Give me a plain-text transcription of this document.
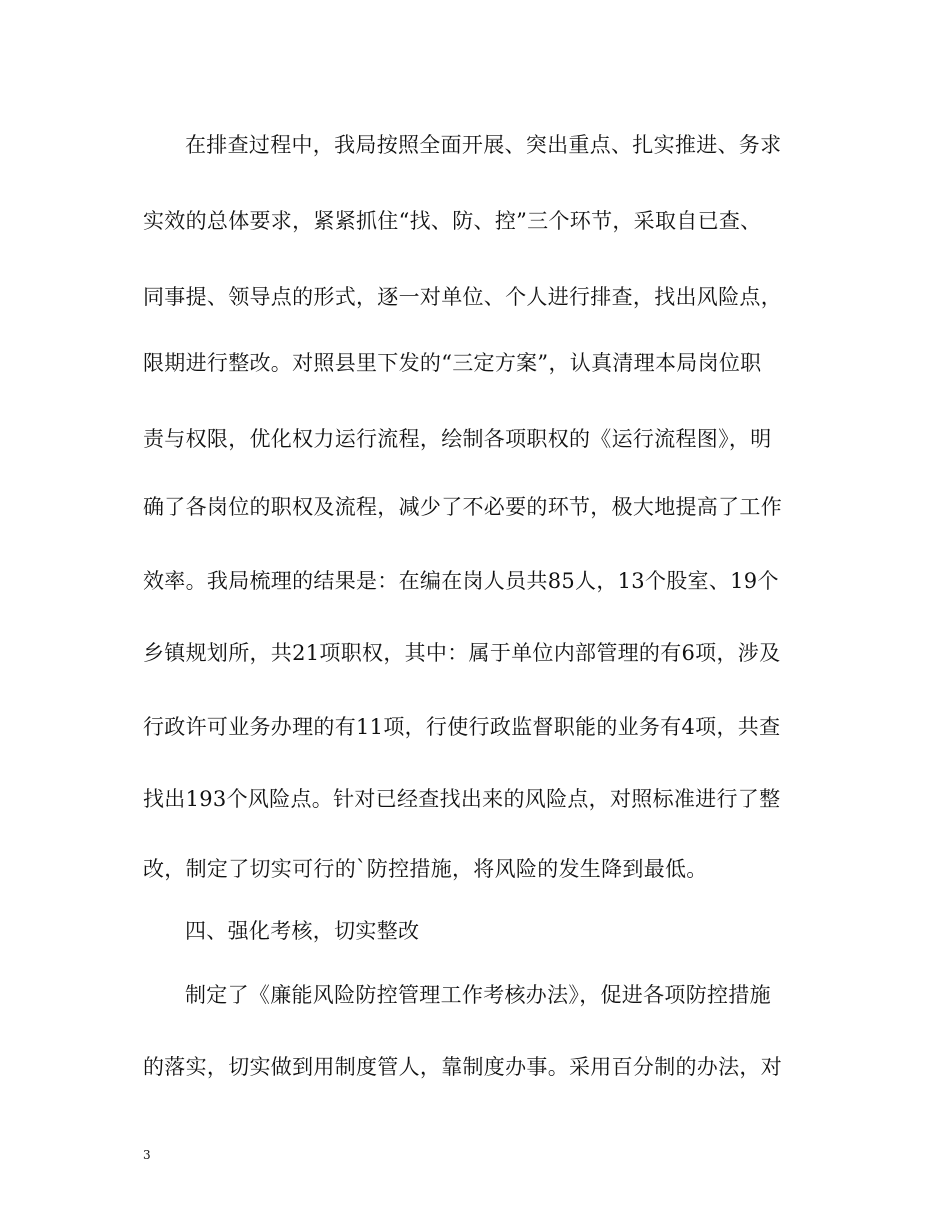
在排查过程中，我局按照全面开展、突出重点、扎实推进、务求
实效的总体要求，紧紧抓住“找、防、控”三个环节，采取自已查、
同事提、领导点的形式，逐一对单位、个人进行排查，找出风险点，
限期进行整改。对照县里下发的“三定方案”，认真清理本局岗位职
责与权限，优化权力运行流程，绘制各项职权的《运行流程图》，明
确了各岗位的职权及流程，减少了不必要的环节，极大地提高了工作
效率。我局梳理的结果是：在编在岗人员共85人，13个股室、19个
乡镇规划所，共21项职权，其中：属于单位内部管理的有6项，涉及
行政许可业务办理的有11项，行使行政监督职能的业务有4项，共查
找出193个风险点。针对已经查找出来的风险点，对照标准进行了整
改，制定了切实可行的`防控措施，将风险的发生降到最低。
四、强化考核，切实整改
制定了《廉能风险防控管理工作考核办法》，促进各项防控措施
的落实，切实做到用制度管人，靠制度办事。采用百分制的办法，对
3
